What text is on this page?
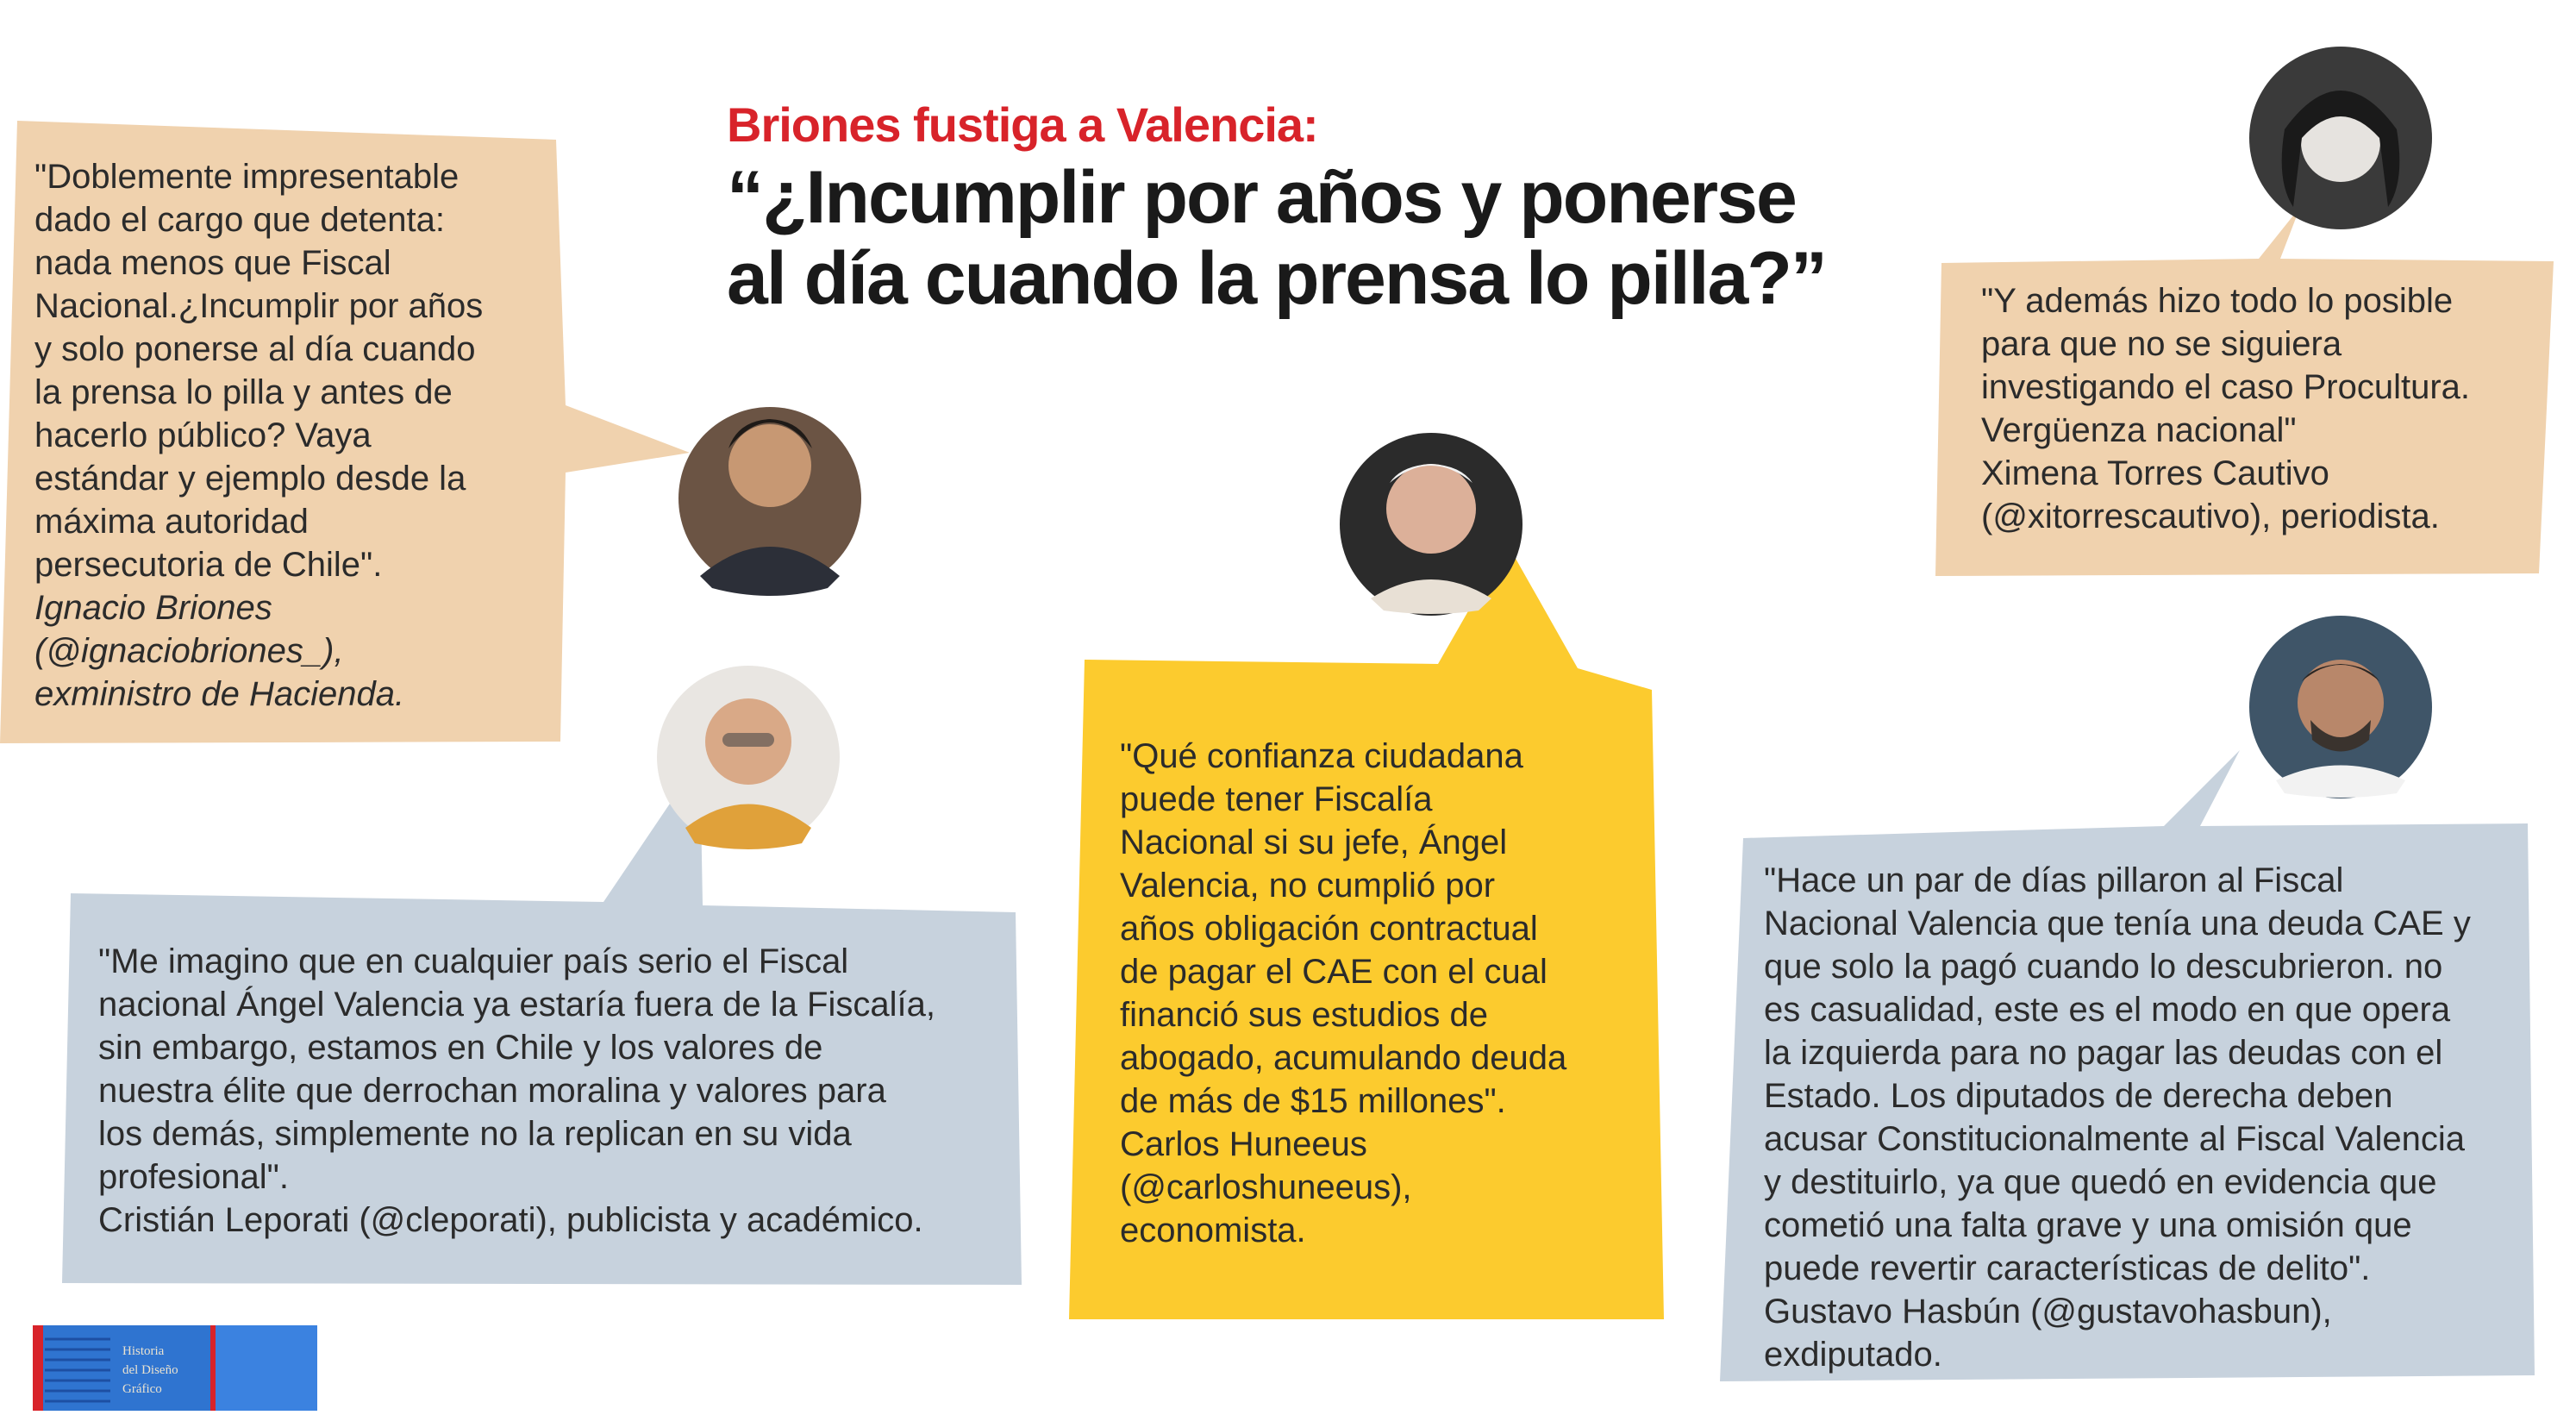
Briones fustiga a Valencia:
“¿Incumplir por años y ponerse
al día cuando la prensa lo pilla?”
"Doblemente impresentable
dado el cargo que detenta:
nada menos que Fiscal
Nacional.¿Incumplir por años
y solo ponerse al día cuando
la prensa lo pilla y antes de
hacerlo público? Vaya
estándar y ejemplo desde la
máxima autoridad
persecutoria de Chile".
Ignacio Briones
(@ignaciobriones_),
exministro de Hacienda.
"Me imagino que en cualquier país serio el Fiscal
nacional Ángel Valencia ya estaría fuera de la Fiscalía,
sin embargo, estamos en Chile y los valores de
nuestra élite que derrochan moralina y valores para
los demás, simplemente no la replican en su vida
profesional".
Cristián Leporati (@cleporati), publicista y académico.
"Qué confianza ciudadana
puede tener Fiscalía
Nacional si su jefe, Ángel
Valencia, no cumplió por
años obligación contractual
de pagar el CAE con el cual
financió sus estudios de
abogado, acumulando deuda
de más de $15 millones".
Carlos Huneeus
(@carloshuneeus),
economista.
"Y además hizo todo lo posible
para que no se siguiera
investigando el caso Procultura.
Vergüenza nacional"
Ximena Torres Cautivo
(@xitorrescautivo), periodista.
"Hace un par de días pillaron al Fiscal
Nacional Valencia que tenía una deuda CAE y
que solo la pagó cuando lo descubrieron. no
es casualidad, este es el modo en que opera
la izquierda para no pagar las deudas con el
Estado. Los diputados de derecha deben
acusar Constitucionalmente al Fiscal Valencia
y destituirlo, ya que quedó en evidencia que
cometió una falta grave y una omisión que
puede revertir características de delito".
Gustavo Hasbún (@gustavohasbun),
exdiputado.
Historia
del Diseño
Gráfico
